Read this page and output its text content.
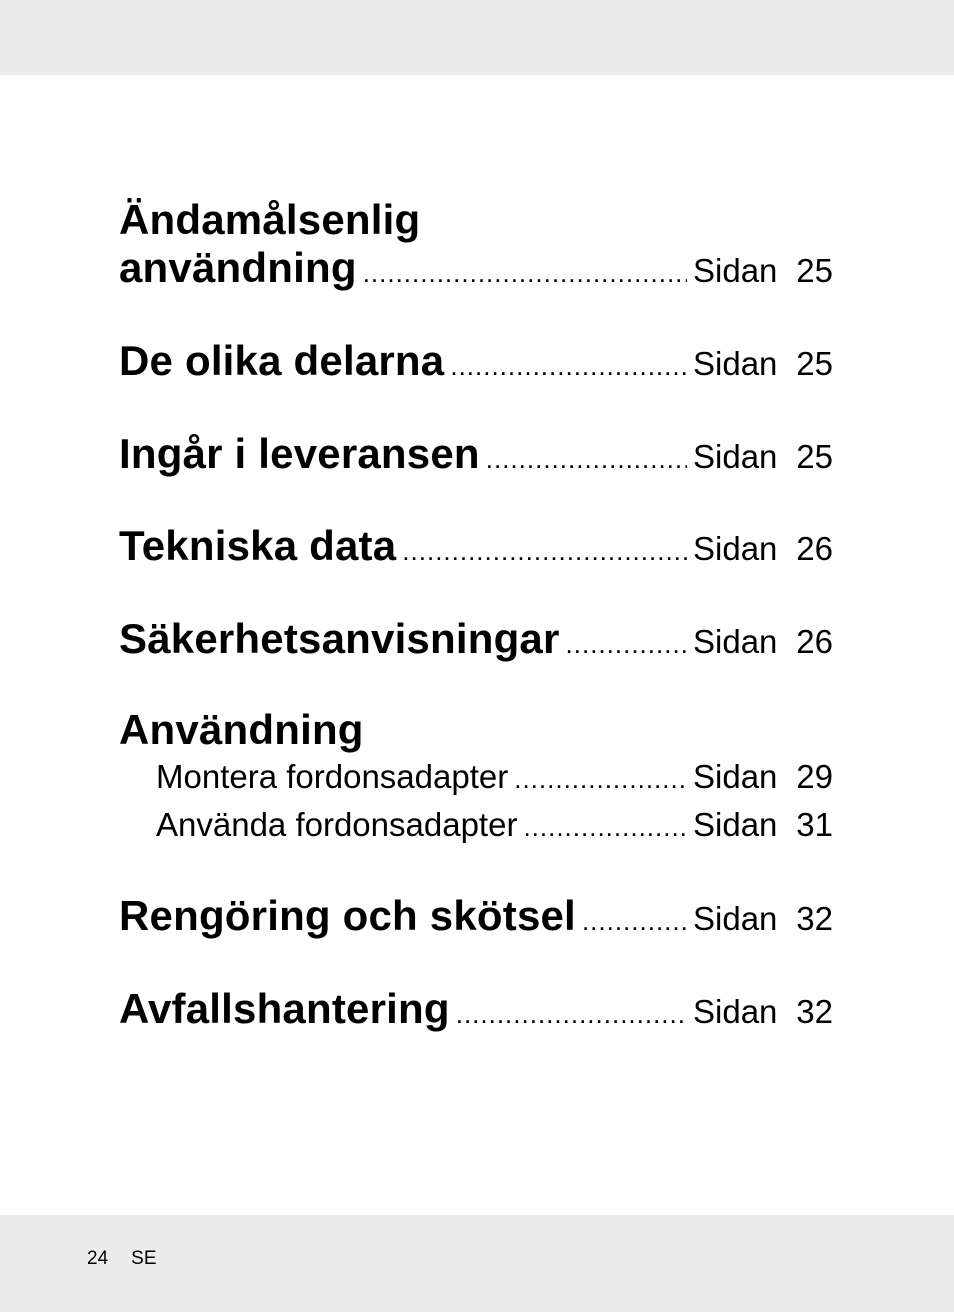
Ändamålsenlig
användning .....	Sidan 25
De olika delarna .....	Sidan 25
Ingår i leveransen .....	Sidan 25
Tekniska data .....	Sidan 26
Säkerhetsanvisningar .....	Sidan 26
Användning
Montera fordonsadapter .....	Sidan 29
Använda fordonsadapter .....	Sidan 31
Rengöring och skötsel .....	Sidan 32
Avfallshantering .....	Sidan 32
24 SE
